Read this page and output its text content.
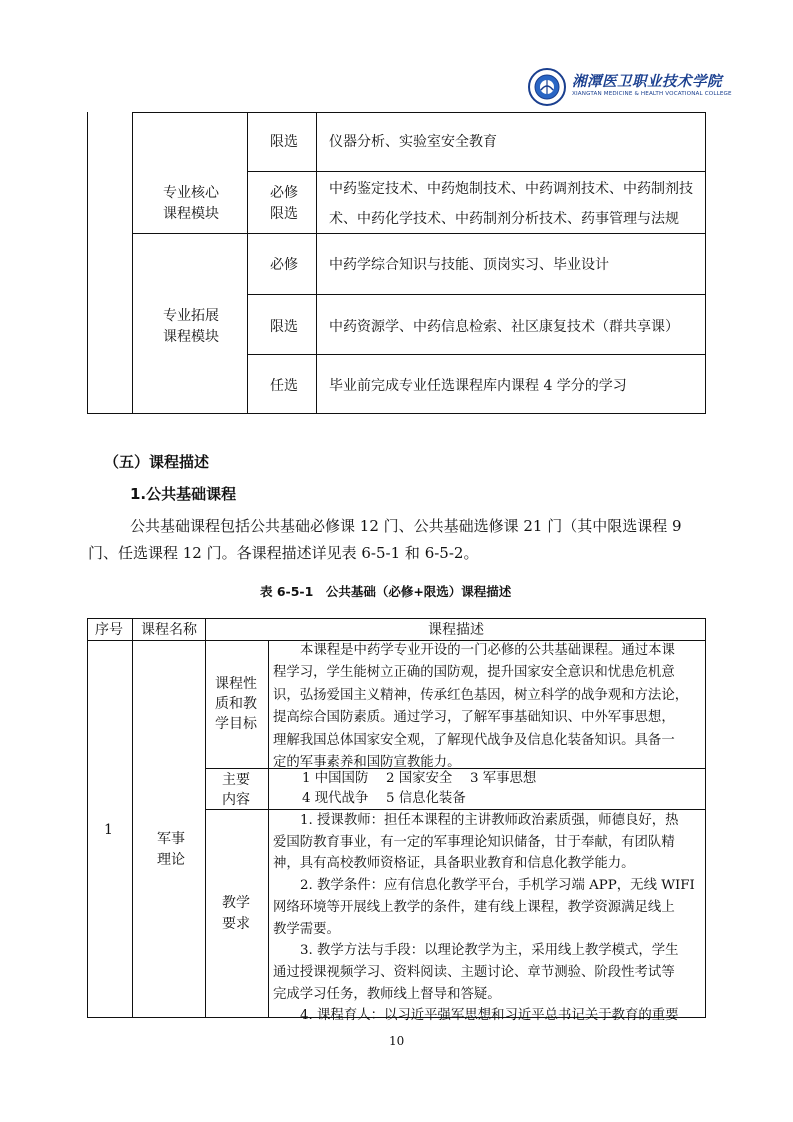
湘潭医卫职业技术学院
XIANGTAN MEDICINE & HEALTH VOCATIONAL COLLEGE
限选 仪器分析、实验室安全教育
专业核心
课程模块
必修
限选
中药鉴定技术、中药炮制技术、中药调剂技术、中药制剂技
术、中药化学技术、中药制剂分析技术、药事管理与法规
必修 中药学综合知识与技能、顶岗实习、毕业设计
专业拓展
课程模块
限选 中药资源学、中药信息检索、社区康复技术（群共享课）
任选 毕业前完成专业任选课程库内课程 4 学分的学习
（五）课程描述
1.公共基础课程
公共基础课程包括公共基础必修课 12 门、公共基础选修课 21 门（其中限选课程 9
门、任选课程 12 门。各课程描述详见表 6-5-1 和 6-5-2。
表 6-5-1　公共基础（必修+限选）课程描述
序号 课程名称	课程描述
1
军事
理论
课程性
质和教
学目标
本课程是中药学专业开设的一门必修的公共基础课程。通过本课
程学习，学生能树立正确的国防观，提升国家安全意识和忧患危机意
识，弘扬爱国主义精神，传承红色基因，树立科学的战争观和方法论，
提高综合国防素质。通过学习，了解军事基础知识、中外军事思想，
理解我国总体国家安全观，了解现代战争及信息化装备知识。具备一
定的军事素养和国防宣教能力。
主要
内容
1 中国国防　 2 国家安全　 3 军事思想
4 现代战争　 5 信息化装备
教学
要求
1. 授课教师：担任本课程的主讲教师政治素质强，师德良好，热
爱国防教育事业，有一定的军事理论知识储备，甘于奉献，有团队精
神，具有高校教师资格证，具备职业教育和信息化教学能力。
2. 教学条件：应有信息化教学平台，手机学习端 APP，无线 WIFI
网络环境等开展线上教学的条件，建有线上课程，教学资源满足线上
教学需要。
3. 教学方法与手段：以理论教学为主，采用线上教学模式，学生
通过授课视频学习、资料阅读、主题讨论、章节测验、阶段性考试等
完成学习任务，教师线上督导和答疑。
4. 课程育人：以习近平强军思想和习近平总书记关于教育的重要
10
